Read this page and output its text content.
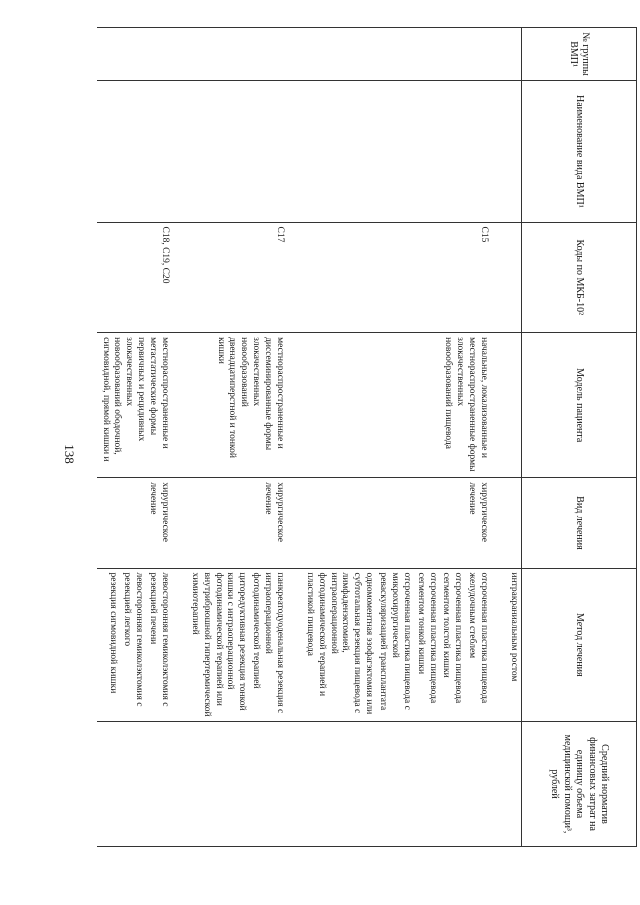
138
№ группы ВМП¹	Наименование вида ВМП¹	Коды по МКБ-10²	Модель пациента	Вид лечения	Метод лечения	Средний норматив финансовых затрат на единицу объема медицинской помощи³, рублей

					интракраниальным ростом	

		C15	начальные, локализованные и местнораспространенные формы злокачественных новообразований пищевода	хирургическое лечение	отсроченная пластика пищевода желудочным стеблем
отсроченная пластика пищевода сегментом толстой кишки
отсроченная пластика пищевода сегментом тонкой кишки
отсроченная пластика пищевода с микрохирургической реваскуляризацией трансплантата
одномоментная эзофагэктомия или субтотальная резекция пищевода с лимфаденэктомией, интраоперационной фотодинамической терапией и пластикой пищевода	

		C17	местнораспространенные и диссеминированные формы злокачественных новообразований двенадцатиперстной и тонкой кишки	хирургическое лечение	панкреатодуоденальная резекция с интраоперационной фотодинамической терапией
циторедуктивная резекция тонкой кишки с интраоперационной фотодинамической терапией или внутрибрюшной гипертермической химиотерапией	

		C18, C19, C20	местнораспространенные и метастатические формы первичных и рецидивных злокачественных новообразований ободочной, сигмовидной, прямой кишки и	хирургическое лечение	левосторонняя гемиколэктомия с резекцией печени
левосторонняя гемиколэктомия с резекцией легкого
резекция сигмовидной кишки	
